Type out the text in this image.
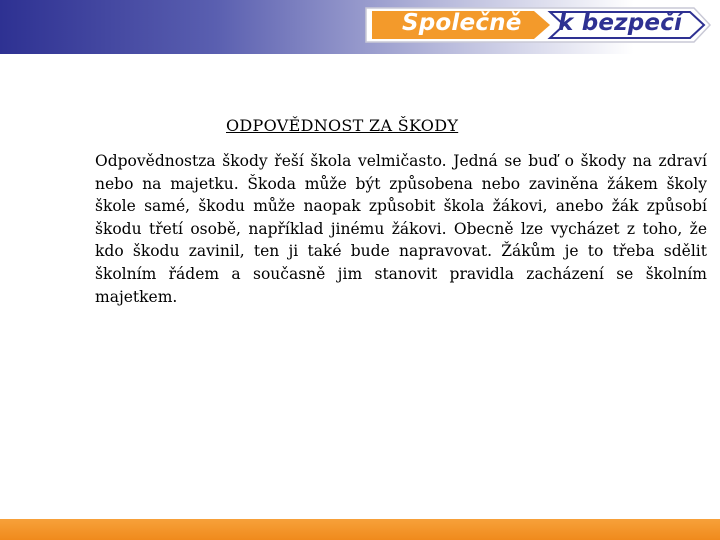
Společně k bezpečí
ODPOVĚDNOST ZA ŠKODY

Odpovědnostza škody řeší škola velmičasto. Jedná se buď o škody na zdraví nebo na majetku. Škoda může být způsobena nebo zaviněna žákem školy škole samé, škodu může naopak způsobit škola žákovi, anebo žák způsobí škodu třetí osobě, například jinému žákovi. Obecně lze vycházet z toho, že kdo škodu zavinil, ten ji také bude napravovat. Žákům je to třeba sdělit školním řádem a současně jim stanovit pravidla zacházení se školním majetkem.
